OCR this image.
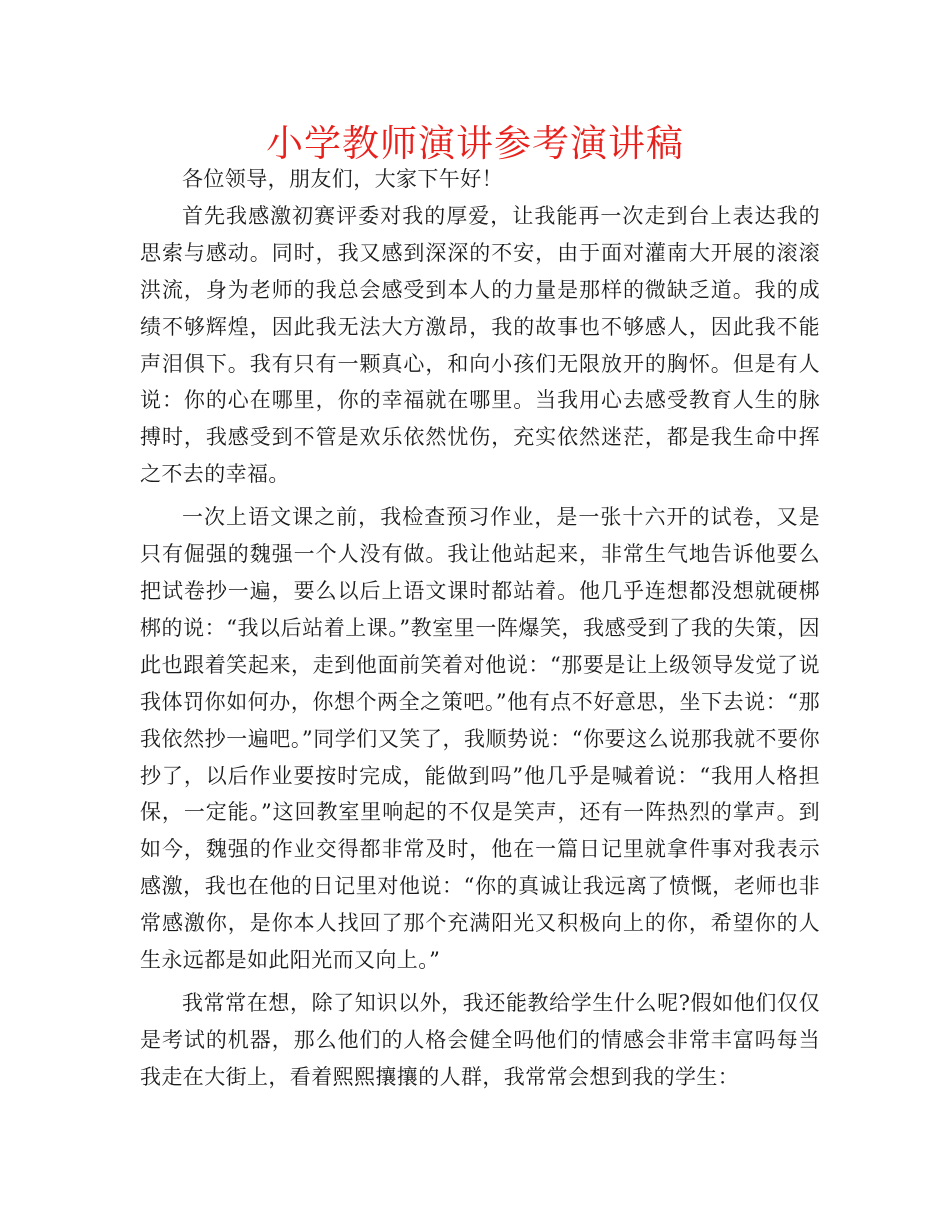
小学教师演讲参考演讲稿

各位领导，朋友们，大家下午好！

首先我感激初赛评委对我的厚爱，让我能再一次走到台上表达我的思索与感动。同时，我又感到深深的不安，由于面对灌南大开展的滚滚洪流，身为老师的我总会感受到本人的力量是那样的微缺乏道。我的成绩不够辉煌，因此我无法大方激昂，我的故事也不够感人，因此我不能声泪俱下。我有只有一颗真心，和向小孩们无限放开的胸怀。但是有人说：你的心在哪里，你的幸福就在哪里。当我用心去感受教育人生的脉搏时，我感受到不管是欢乐依然忧伤，充实依然迷茫，都是我生命中挥之不去的幸福。

一次上语文课之前，我检查预习作业，是一张十六开的试卷，又是只有倔强的魏强一个人没有做。我让他站起来，非常生气地告诉他要么把试卷抄一遍，要么以后上语文课时都站着。他几乎连想都没想就硬梆梆的说：“我以后站着上课。”教室里一阵爆笑，我感受到了我的失策，因此也跟着笑起来，走到他面前笑着对他说：“那要是让上级领导发觉了说我体罚你如何办，你想个两全之策吧。”他有点不好意思，坐下去说：“那我依然抄一遍吧。”同学们又笑了，我顺势说：“你要这么说那我就不要你抄了，以后作业要按时完成，能做到吗”他几乎是喊着说：“我用人格担保，一定能。”这回教室里响起的不仅是笑声，还有一阵热烈的掌声。到如今，魏强的作业交得都非常及时，他在一篇日记里就拿件事对我表示感激，我也在他的日记里对他说：“你的真诚让我远离了愤慨，老师也非常感激你，是你本人找回了那个充满阳光又积极向上的你，希望你的人生永远都是如此阳光而又向上。”

我常常在想，除了知识以外，我还能教给学生什么呢?假如他们仅仅是考试的机器，那么他们的人格会健全吗他们的情感会非常丰富吗每当我走在大街上，看着熙熙攘攘的人群，我常常会想到我的学生：
